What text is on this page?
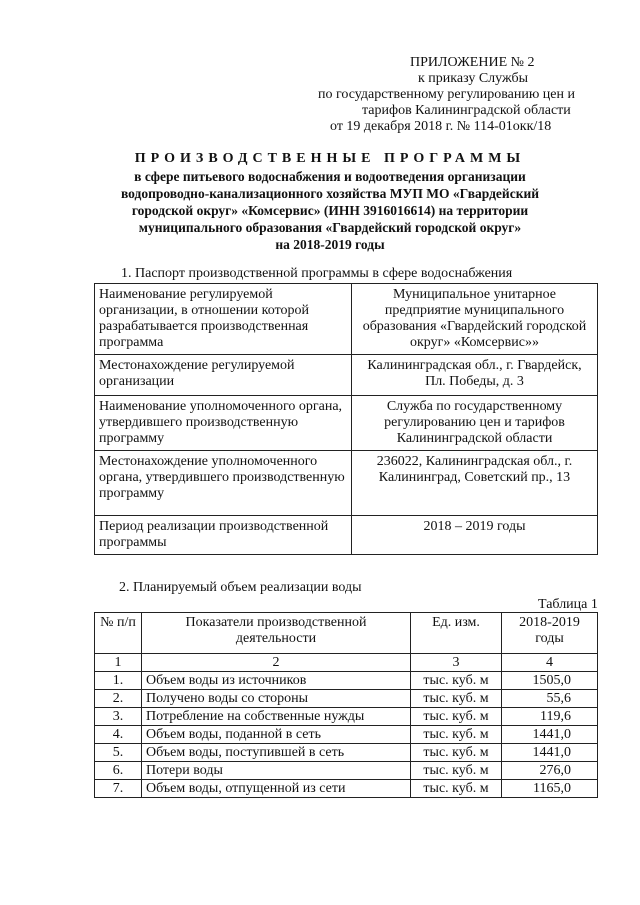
ПРИЛОЖЕНИЕ № 2
к приказу Службы
по государственному регулированию цен и
тарифов Калининградской области
от 19 декабря 2018 г. № 114-01окк/18
ПРОИЗВОДСТВЕННЫЕ ПРОГРАММЫ
в сфере питьевого водоснабжения и водоотведения организации
водопроводно-канализационного хозяйства МУП МО «Гвардейский
городской округ» «Комсервис» (ИНН 3916016614) на территории
муниципального образования «Гвардейский городской округ»
на 2018-2019 годы
1. Паспорт производственной программы в сфере водоснабжения
Наименование регулируемой организации, в отношении которой разрабатывается производственная программа	Муниципальное унитарное предприятие муниципального образования «Гвардейский городской округ» «Комсервис»»
Местонахождение регулируемой организации	Калининградская обл., г. Гвардейск, Пл. Победы, д. 3
Наименование уполномоченного органа, утвердившего производственную программу	Служба по государственному регулированию цен и тарифов Калининградской области
Местонахождение уполномоченного органа, утвердившего производственную программу	236022, Калининградская обл., г. Калининград, Советский пр., 13
Период реализации производственной программы	2018 – 2019 годы
2. Планируемый объем реализации воды
Таблица 1
№ п/п	Показатели производственной деятельности	Ед. изм.	2018-2019 годы
1	2	3	4
1.	Объем воды из источников	тыс. куб. м	1505,0
2.	Получено воды со стороны	тыс. куб. м	55,6
3.	Потребление на собственные нужды	тыс. куб. м	119,6
4.	Объем воды, поданной в сеть	тыс. куб. м	1441,0
5.	Объем воды, поступившей в сеть	тыс. куб. м	1441,0
6.	Потери воды	тыс. куб. м	276,0
7.	Объем воды, отпущенной из сети	тыс. куб. м	1165,0
